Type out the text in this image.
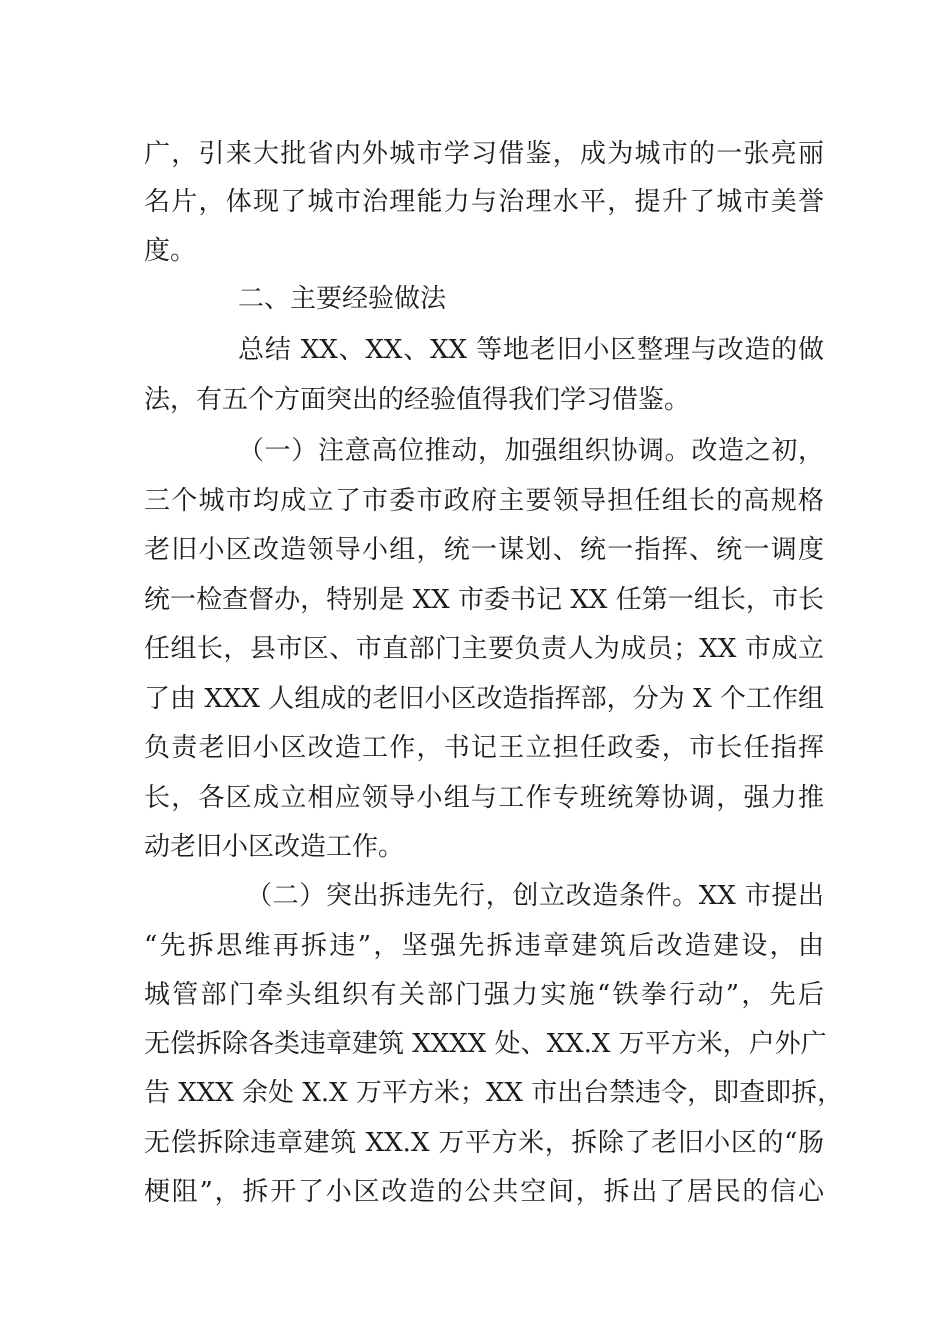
广，引来大批省内外城市学习借鉴，成为城市的一张亮丽
名片，体现了城市治理能力与治理水平，提升了城市美誉
度。
二、主要经验做法
总结 XX、XX、XX 等地老旧小区整理与改造的做
法，有五个方面突出的经验值得我们学习借鉴。
（一）注意高位推动，加强组织协调。改造之初，
三个城市均成立了市委市政府主要领导担任组长的高规格
老旧小区改造领导小组，统一谋划、统一指挥、统一调度
统一检查督办，特别是 XX 市委书记 XX 任第一组长，市长
任组长，县市区、市直部门主要负责人为成员；XX 市成立
了由 XXX 人组成的老旧小区改造指挥部，分为 X 个工作组
负责老旧小区改造工作，书记王立担任政委，市长任指挥
长，各区成立相应领导小组与工作专班统筹协调，强力推
动老旧小区改造工作。
（二）突出拆违先行，创立改造条件。XX 市提出
“先拆思维再拆违”，坚强先拆违章建筑后改造建设，由
城管部门牵头组织有关部门强力实施“铁拳行动”，先后
无偿拆除各类违章建筑 XXXX 处、XX.X 万平方米，户外广
告 XXX 余处 X.X 万平方米；XX 市出台禁违令，即查即拆，
无偿拆除违章建筑 XX.X 万平方米，拆除了老旧小区的“肠
梗阻”，拆开了小区改造的公共空间，拆出了居民的信心
